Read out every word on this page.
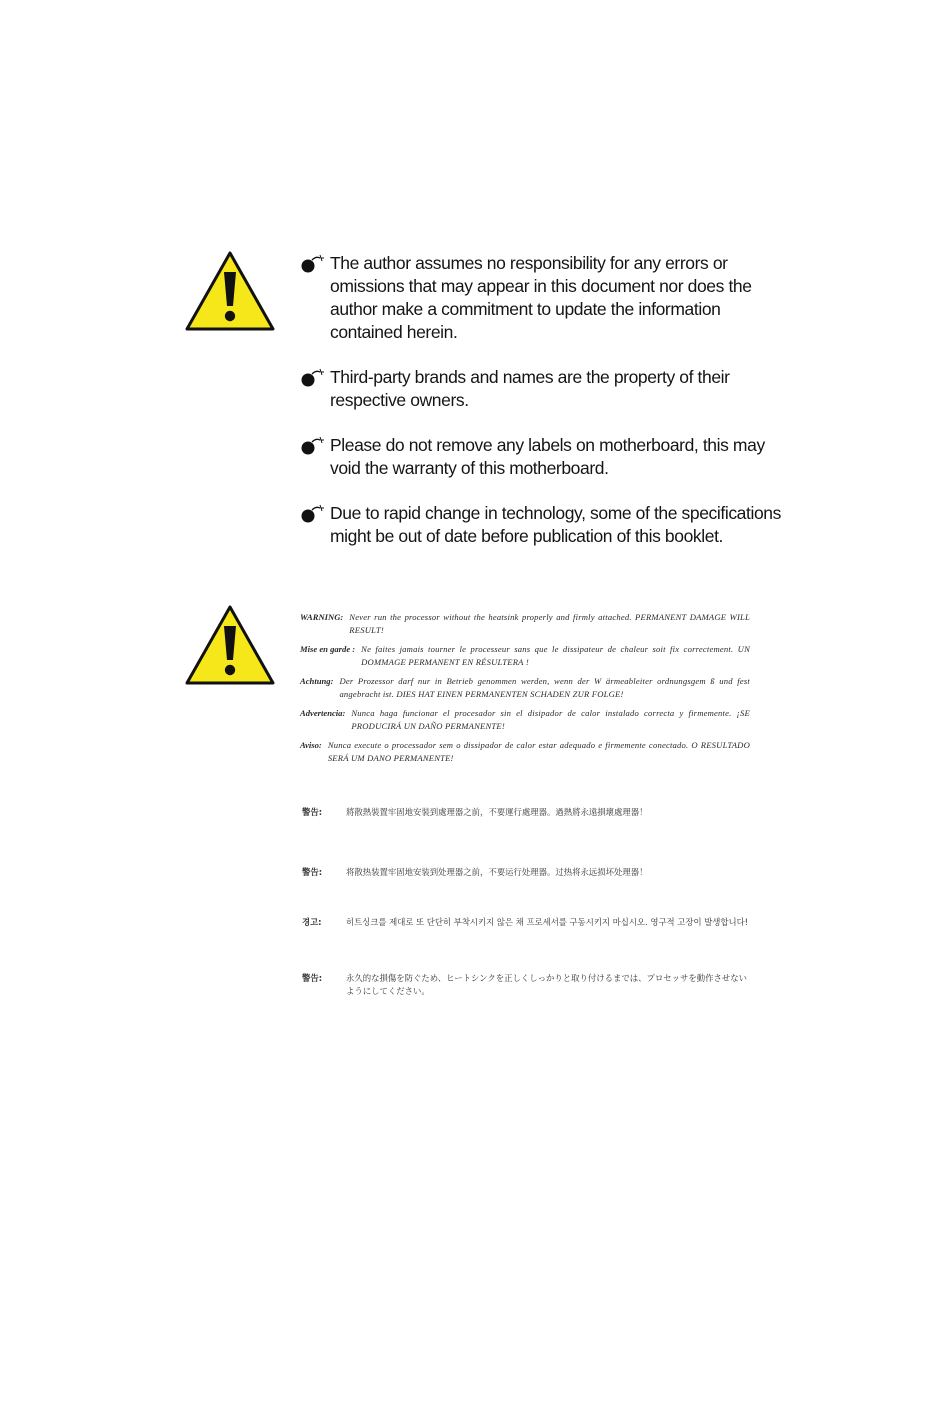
The author assumes no responsibility for any errors or omissions that may appear in this document nor does the author make a commitment to update the information contained herein.
Third-party brands and names are the property of their respective owners.
Please do not remove any labels on motherboard, this may void the warranty of this motherboard.
Due to rapid change in technology, some of the specifications might be out of date before publication of this booklet.
WARNING: Never run the processor without the heatsink properly and firmly attached. PERMANENT DAMAGE WILL RESULT!
Mise en garde : Ne faites jamais tourner le processeur sans que le dissipateur de chaleur soit fix correctement. UN DOMMAGE PERMANENT EN RÉSULTERA !
Achtung: Der Prozessor darf nur in Betrieb genommen werden, wenn der W ärmeableiter ordnungsgem ß und fest angebracht ist. DIES HAT EINEN PERMANENTEN SCHADEN ZUR FOLGE!
Advertencia: Nunca haga funcionar el procesador sin el disipador de calor instalado correcta y firmemente. ¡SE PRODUCIRÁ UN DAÑO PERMANENTE!
Aviso: Nunca execute o processador sem o dissipador de calor estar adequado e firmemente conectado. O RESULTADO SERÁ UM DANO PERMANENTE!
警告:	將散熱裝置牢固地安裝到處理器之前，不要運行處理器。過熱將永遠損壞處理器！
警告:	将散热装置牢固地安装到处理器之前，不要运行处理器。过热将永远损坏处理器！
경고:	히트싱크를 제대로 또 단단히 부착시키지 않은 채 프로세서를 구동시키지 마십시오. 영구적 고장이 발생합니다!
警告:	永久的な損傷を防ぐため、ヒートシンクを正しくしっかりと取り付けるまでは、プロセッサを動作させないようにしてください。
